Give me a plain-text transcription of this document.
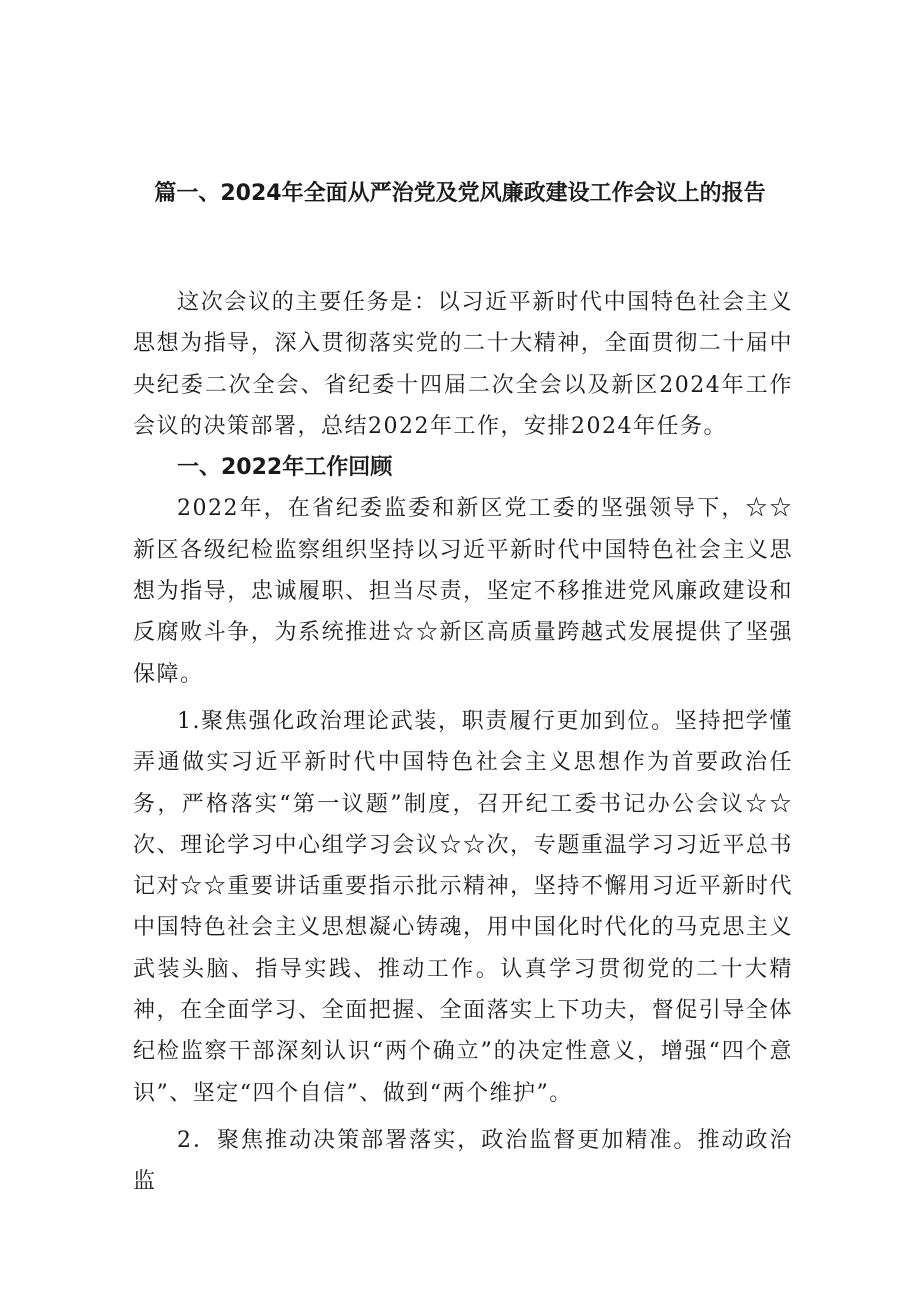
篇一、2024年全面从严治党及党风廉政建设工作会议上的报告

这次会议的主要任务是：以习近平新时代中国特色社会主义思想为指导，深入贯彻落实党的二十大精神，全面贯彻二十届中央纪委二次全会、省纪委十四届二次全会以及新区2024年工作会议的决策部署，总结2022年工作，安排2024年任务。

一、2022年工作回顾

2022年，在省纪委监委和新区党工委的坚强领导下，☆☆新区各级纪检监察组织坚持以习近平新时代中国特色社会主义思想为指导，忠诚履职、担当尽责，坚定不移推进党风廉政建设和反腐败斗争，为系统推进☆☆新区高质量跨越式发展提供了坚强保障。

1.聚焦强化政治理论武装，职责履行更加到位。坚持把学懂弄通做实习近平新时代中国特色社会主义思想作为首要政治任务，严格落实“第一议题”制度，召开纪工委书记办公会议☆☆次、理论学习中心组学习会议☆☆次，专题重温学习习近平总书记对☆☆重要讲话重要指示批示精神，坚持不懈用习近平新时代中国特色社会主义思想凝心铸魂，用中国化时代化的马克思主义武装头脑、指导实践、推动工作。认真学习贯彻党的二十大精神，在全面学习、全面把握、全面落实上下功夫，督促引导全体纪检监察干部深刻认识“两个确立”的决定性意义，增强“四个意识”、坚定“四个自信”、做到“两个维护”。

2．聚焦推动决策部署落实，政治监督更加精准。推动政治监
